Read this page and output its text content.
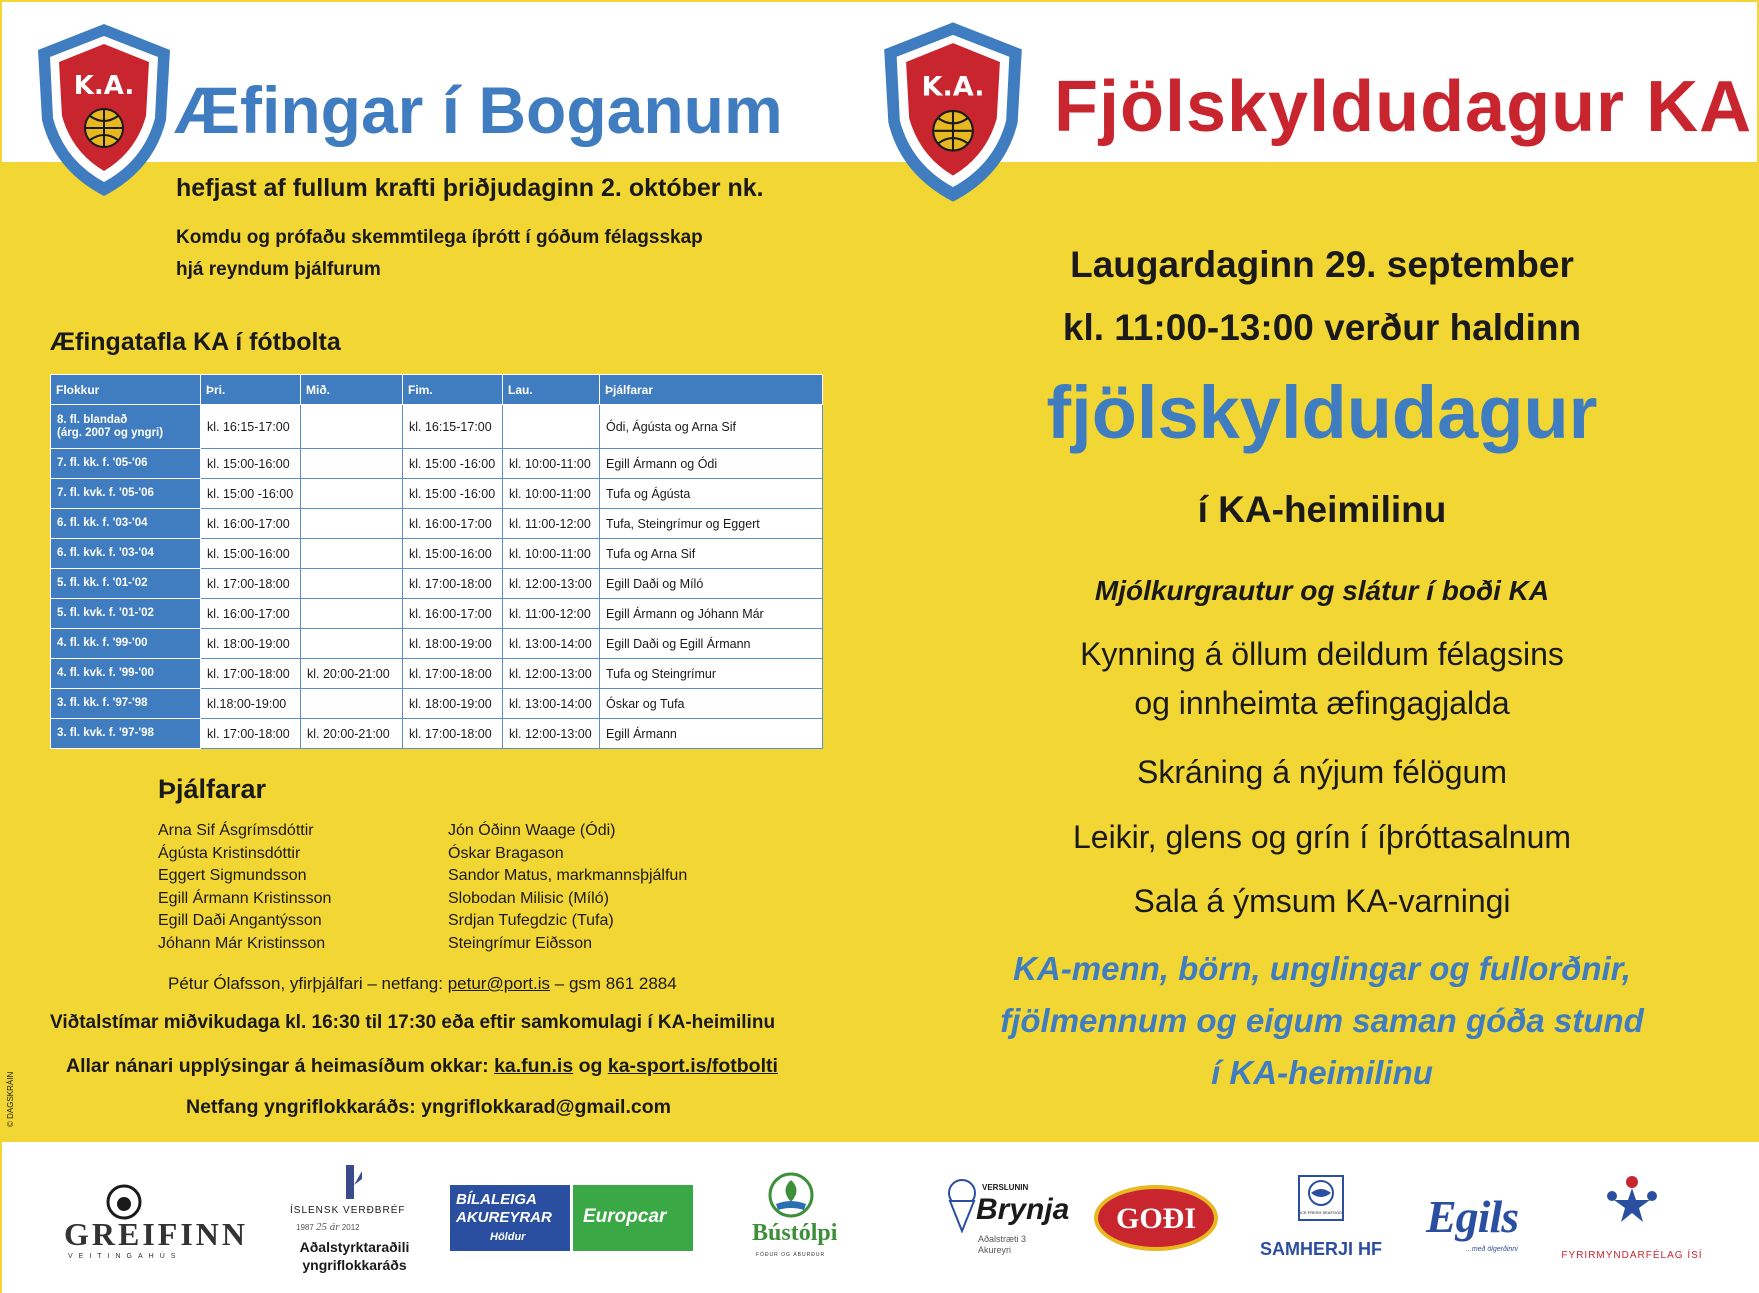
K.A. Æfingar í Boganum	K.A. Fjölskyldudagur KA
hefjast af fullum krafti þriðjudaginn 2. október nk.
Komdu og prófaðu skemmtilega íþrótt í góðum félagsskap
hjá reyndum þjálfurum
Æfingatafla KA í fótbolta
Flokkur	Þri.	Mið.	Fim.	Lau.	Þjálfarar

8. fl. blandað
(árg. 2007 og yngri)	kl. 16:15-17:00		kl. 16:15-17:00		Ódi, Ágústa og Arna Sif

7. fl. kk. f. '05-'06	kl. 15:00-16:00		kl. 15:00 -16:00	kl. 10:00-11:00	Egill Ármann og Ódi

7. fl. kvk. f. '05-'06	kl. 15:00 -16:00		kl. 15:00 -16:00	kl. 10:00-11:00	Tufa og Ágústa

6. fl. kk. f. '03-'04	kl. 16:00-17:00		kl. 16:00-17:00	kl. 11:00-12:00	Tufa, Steingrímur og Eggert

6. fl. kvk. f. '03-'04	kl. 15:00-16:00		kl. 15:00-16:00	kl. 10:00-11:00	Tufa og Arna Sif

5. fl. kk. f. '01-'02	kl. 17:00-18:00		kl. 17:00-18:00	kl. 12:00-13:00	Egill Daði og Míló

5. fl. kvk. f. '01-'02	kl. 16:00-17:00		kl. 16:00-17:00	kl. 11:00-12:00	Egill Ármann og Jóhann Már

4. fl. kk. f. '99-'00	kl. 18:00-19:00		kl. 18:00-19:00	kl. 13:00-14:00	Egill Daði og Egill Ármann

4. fl. kvk. f. '99-'00	kl. 17:00-18:00	kl. 20:00-21:00	kl. 17:00-18:00	kl. 12:00-13:00	Tufa og Steingrímur

3. fl. kk. f. '97-'98	kl.18:00-19:00		kl. 18:00-19:00	kl. 13:00-14:00	Óskar og Tufa

3. fl. kvk. f. '97-'98	kl. 17:00-18:00	kl. 20:00-21:00	kl. 17:00-18:00	kl. 12:00-13:00	Egill Ármann
Þjálfarar
Arna Sif Ásgrímsdóttir
Ágústa Kristinsdóttir
Eggert Sigmundsson
Egill Ármann Kristinsson
Egill Daði Angantýsson
Jóhann Már Kristinsson
Jón Óðinn Waage (Ódi)
Óskar Bragason
Sandor Matus, markmannsþjálfun
Slobodan Milisic (Míló)
Srdjan Tufegdzic (Tufa)
Steingrímur Eiðsson
Pétur Ólafsson, yfirþjálfari – netfang: petur@port.is – gsm 861 2884
Viðtalstímar miðvikudaga kl. 16:30 til 17:30 eða eftir samkomulagi í KA-heimilinu
Allar nánari upplýsingar á heimasíðum okkar: ka.fun.is og ka-sport.is/fotbolti
Netfang yngriflokkaráðs: yngriflokkarad@gmail.com
© DAGSKRÁIN
Laugardaginn 29. september
kl. 11:00-13:00 verður haldinn
fjölskyldudagur
í KA-heimilinu
Mjólkurgrautur og slátur í boði KA
Kynning á öllum deildum félagsins
og innheimta æfingagjalda
Skráning á nýjum félögum
Leikir, glens og grín í íþróttasalnum
Sala á ýmsum KA-varningi
KA-menn, börn, unglingar og fullorðnir,
fjölmennum og eigum saman góða stund
í KA-heimilinu
GREIFINN
VEITINGAHÚS
ÍSLENSK VERÐBRÉF
1987 25 ár 2012
Aðalstyrktaraðili
yngriflokkaráðs
BÍLALEIGA
AKUREYRAR
Höldur
Europcar
Bústólpi
FÓÐUR OG ÁBURÐUR
VERSLUNIN
Brynja
Aðalstræti 3
Akureyri
GOÐI	ICE FRESH SEAFOOD
SAMHERJI HF
Egils
...með ölgerðinni
FYRIRMYNDARFÉLAG ÍSÍ
